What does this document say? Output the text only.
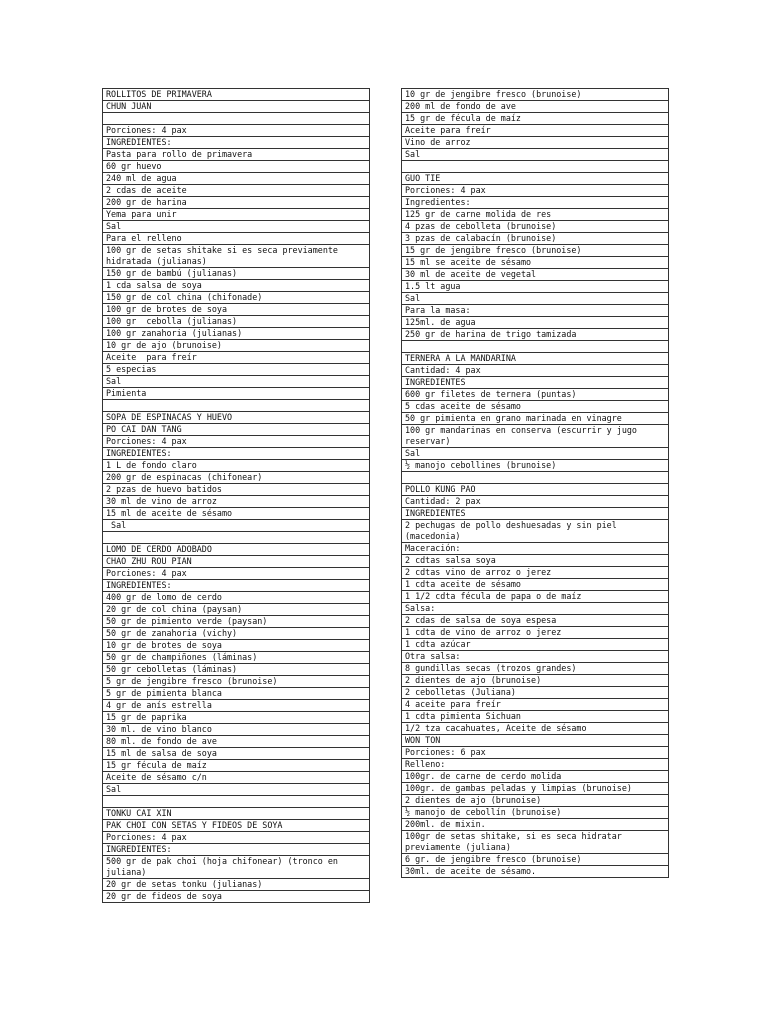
ROLLITOS DE PRIMAVERA
CHUN JUAN
Porciones: 4 pax
INGREDIENTES:
Pasta para rollo de primavera
60 gr huevo
240 ml de agua
2 cdas de aceite
200 gr de harina
Yema para unir
Sal
Para el relleno
100 gr de setas shitake si es seca previamente hidratada (julianas)
150 gr de bambú (julianas)
1 cda salsa de soya
150 gr de col china (chifonade)
100 gr de brotes de soya
100 gr  cebolla (julianas)
100 gr zanahoria (julianas)
10 gr de ajo (brunoise)
Aceite  para freír
5 especias
Sal
Pimienta
SOPA DE ESPINACAS Y HUEVO
PO CAI DAN TANG
Porciones: 4 pax
INGREDIENTES:
1 L de fondo claro
200 gr de espinacas (chifonear)
2 pzas de huevo batidos
30 ml de vino de arroz
15 ml de aceite de sésamo
Sal
LOMO DE CERDO ADOBADO
CHAO ZHU ROU PIAN
Porciones: 4 pax
INGREDIENTES:
400 gr de lomo de cerdo
20 gr de col china (paysan)
50 gr de pimiento verde (paysan)
50 gr de zanahoria (vichy)
10 gr de brotes de soya
50 gr de champiñones (láminas)
50 gr cebolletas (láminas)
5 gr de jengibre fresco (brunoise)
5 gr de pimienta blanca
4 gr de anís estrella
15 gr de paprika
30 ml. de vino blanco
80 ml. de fondo de ave
15 ml de salsa de soya
15 gr fécula de maíz
Aceite de sésamo c/n
Sal
TONKU CAI XIN
PAK CHOI CON SETAS Y FIDEOS DE SOYA
Porciones: 4 pax
INGREDIENTES:
500 gr de pak choi (hoja chifonear) (tronco en juliana)
20 gr de setas tonku (julianas)
20 gr de fideos de soya
10 gr de jengibre fresco (brunoise)
200 ml de fondo de ave
15 gr de fécula de maíz
Aceite para freír
Vino de arroz
Sal
GUO TIE
Porciones: 4 pax
Ingredientes:
125 gr de carne molida de res
4 pzas de cebolleta (brunoise)
3 pzas de calabacín (brunoise)
15 gr de jengibre fresco (brunoise)
15 ml se aceite de sésamo
30 ml de aceite de vegetal
1.5 lt agua
Sal
Para la masa:
125ml. de agua
250 gr de harina de trigo tamizada
TERNERA A LA MANDARINA
Cantidad: 4 pax
INGREDIENTES
600 gr filetes de ternera (puntas)
5 cdas aceite de sésamo
50 gr pimienta en grano marinada en vinagre
100 gr mandarinas en conserva (escurrir y jugo reservar)
Sal
½ manojo cebollines (brunoise)
POLLO KUNG PAO
Cantidad: 2 pax
INGREDIENTES
2 pechugas de pollo deshuesadas y sin piel (macedonia)
Maceración:
2 cdtas salsa soya
2 cdtas vino de arroz o jerez
1 cdta aceite de sésamo
1 1/2 cdta fécula de papa o de maíz
Salsa:
2 cdas de salsa de soya espesa
1 cdta de vino de arroz o jerez
1 cdta azúcar
Otra salsa:
8 gundillas secas (trozos grandes)
2 dientes de ajo (brunoise)
2 cebolletas (Juliana)
4 aceite para freír
1 cdta pimienta Sichuan
1/2 tza cacahuates, Aceite de sésamo
WON TON
Porciones: 6 pax
Relleno:
100gr. de carne de cerdo molida
100gr. de gambas peladas y limpias (brunoise)
2 dientes de ajo (brunoise)
½ manojo de cebollín (brunoise)
200ml. de mixin.
100gr de setas shitake, si es seca hidratar previamente (juliana)
6 gr. de jengibre fresco (brunoise)
30ml. de aceite de sésamo.
